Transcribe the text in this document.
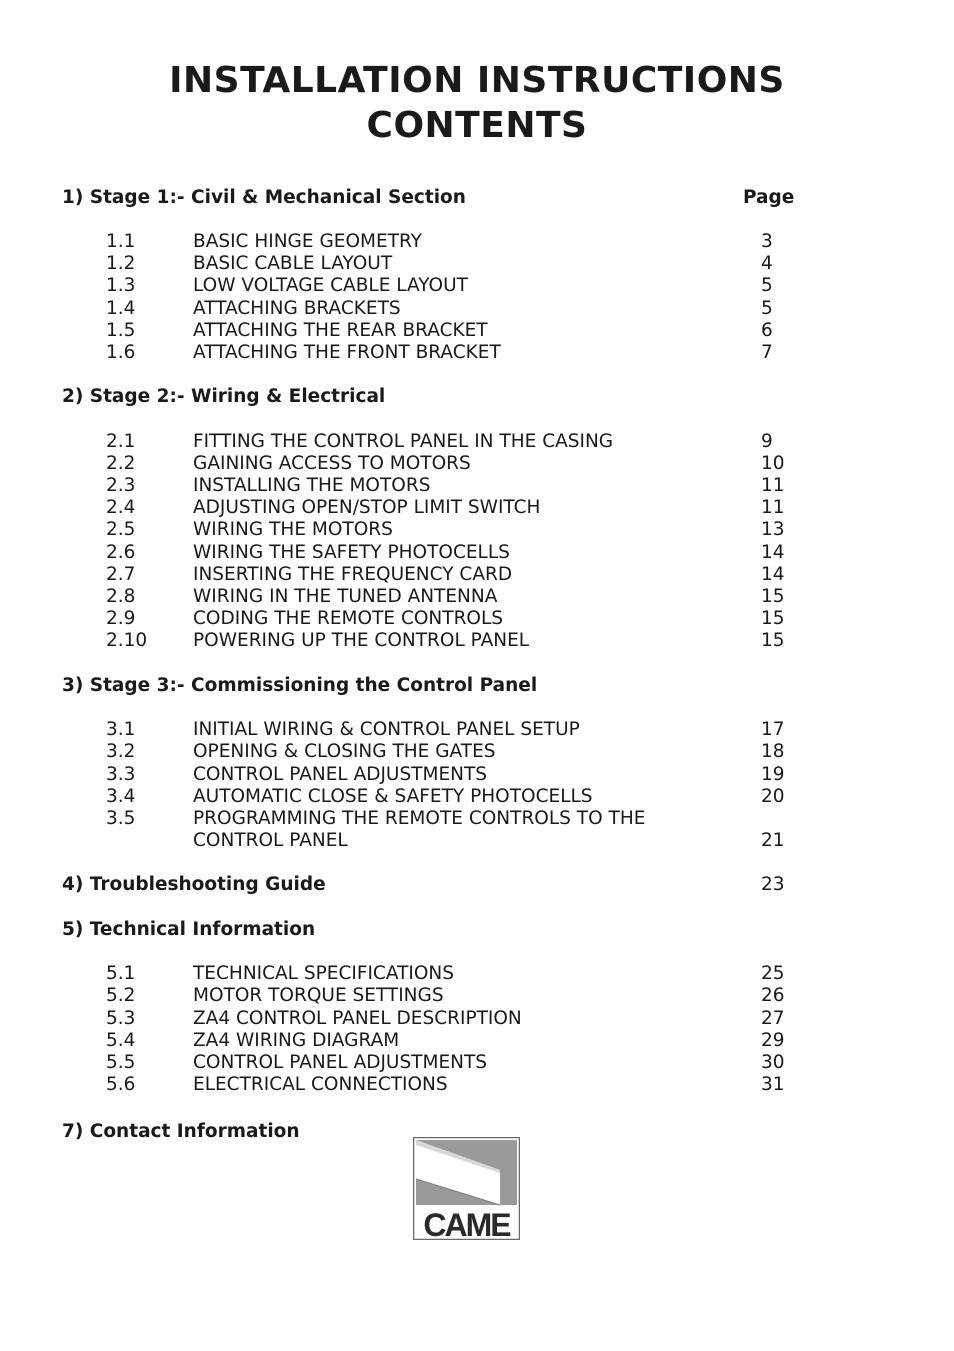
INSTALLATION INSTRUCTIONS
CONTENTS
1) Stage 1:- Civil & Mechanical Section	Page
1.1	BASIC HINGE GEOMETRY	3
1.2	BASIC CABLE LAYOUT	4
1.3	LOW VOLTAGE CABLE LAYOUT	5
1.4	ATTACHING BRACKETS	5
1.5	ATTACHING THE REAR BRACKET	6
1.6	ATTACHING THE FRONT BRACKET	7
2) Stage 2:- Wiring & Electrical
2.1	FITTING THE CONTROL PANEL IN THE CASING	9
2.2	GAINING ACCESS TO MOTORS	10
2.3	INSTALLING THE MOTORS	11
2.4	ADJUSTING OPEN/STOP LIMIT SWITCH	11
2.5	WIRING THE MOTORS	13
2.6	WIRING THE SAFETY PHOTOCELLS	14
2.7	INSERTING THE FREQUENCY CARD	14
2.8	WIRING IN THE TUNED ANTENNA	15
2.9	CODING THE REMOTE CONTROLS	15
2.10 POWERING UP THE CONTROL PANEL	15
3) Stage 3:- Commissioning the Control Panel
3.1	INITIAL WIRING & CONTROL PANEL SETUP	17
3.2	OPENING & CLOSING THE GATES	18
3.3	CONTROL PANEL ADJUSTMENTS	19
3.4	AUTOMATIC CLOSE & SAFETY PHOTOCELLS	20
3.5	PROGRAMMING THE REMOTE CONTROLS TO THE
CONTROL PANEL	21
4) Troubleshooting Guide	23
5) Technical Information
5.1	TECHNICAL SPECIFICATIONS	25
5.2	MOTOR TORQUE SETTINGS	26
5.3	ZA4 CONTROL PANEL DESCRIPTION	27
5.4	ZA4 WIRING DIAGRAM	29
5.5	CONTROL PANEL ADJUSTMENTS	30
5.6	ELECTRICAL CONNECTIONS	31
7) Contact Information
CAME
